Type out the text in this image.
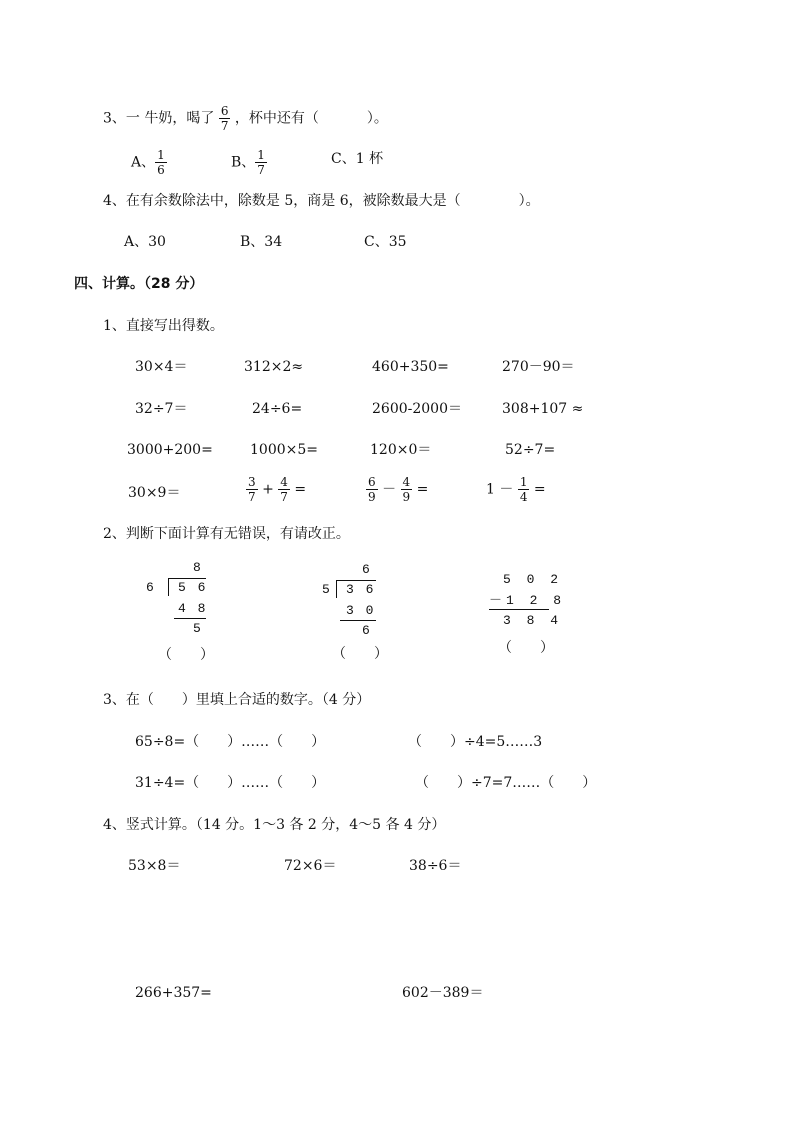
3、一 牛奶，喝了 $\frac{6}{7}$ ，杯中还有（	）。
A、 $\frac{1}{6}$	B、 $\frac{1}{7}$	C、1 杯
4、在有余数除法中，除数是 5，商是 6，被除数最大是（	）。
A、30	B、34	C、35
四、计算。（28 分）
1、直接写出得数。
30×4＝	312×2≈	460+350=	270－90＝
32÷7＝	24÷6=	2600-2000＝	308+107 ≈
3000+200=	1000×5=	120×0＝	52÷7=
30×9＝	$\frac{3}{7} + \frac{4}{7}$ =	$\frac{6}{9} - \frac{4}{9}$ =	$1 - \frac{1}{4}$ =
2、判断下面计算有无错误，有请改正。
8
6 5 6
4 8
5
（　　）
6
5 3 6
3 0
6
（　　）
5 0 2
－1 2 8
3 8 4
（　　）
3、在（　　）里填上合适的数字。（4 分）
65÷8=（　　）……（　　）	（　　）÷4=5……3
31÷4=（　　）……（　　）	（　　）÷7=7……（　　）
4、竖式计算。（14 分。1～3 各 2 分，4～5 各 4 分）
53×8＝	72×6＝	38÷6＝
266+357=	602－389＝
